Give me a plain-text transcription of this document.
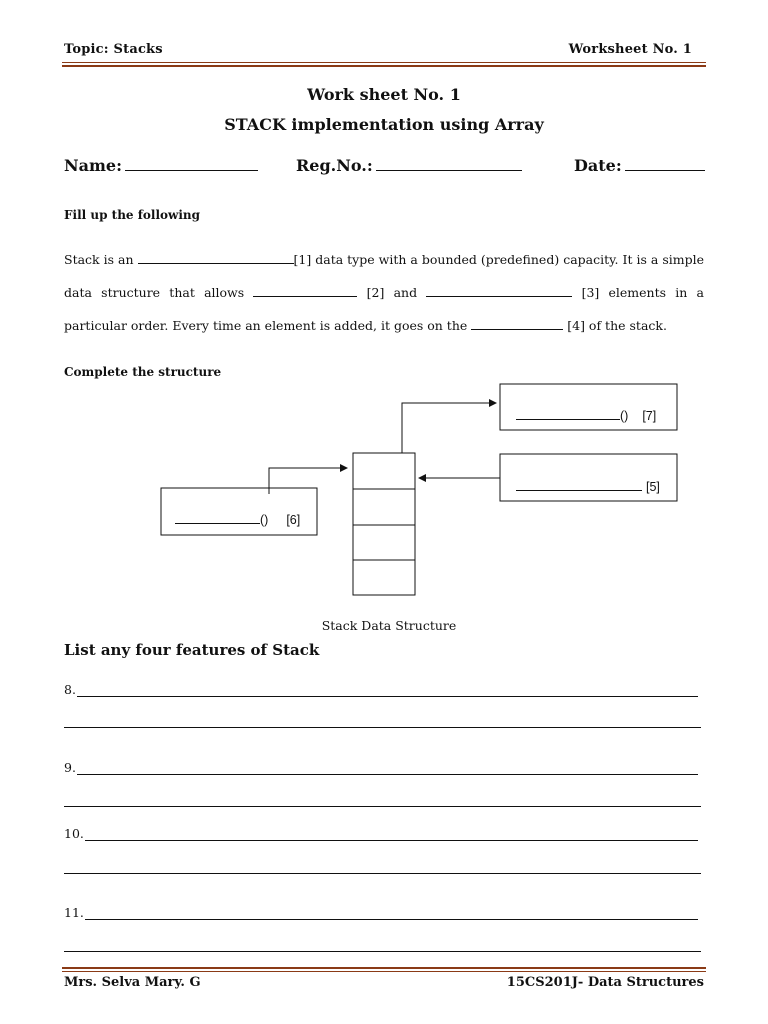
Topic: Stacks	Worksheet No. 1
Work sheet No. 1
STACK implementation using Array
Name:	Reg.No.:	Date:
Fill up the following
Stack is an	[1] data type with a bounded (predefined) capacity. It is a simple data structure that allows	[2] and	[3] elements in a particular order. Every time an element is added, it goes on the	[4] of the stack.
Complete the structure
() [6]
() [7]
[5]
Stack Data Structure
List any four features of Stack
8.
9.
10.
11.
Mrs. Selva Mary. G	15CS201J- Data Structures
